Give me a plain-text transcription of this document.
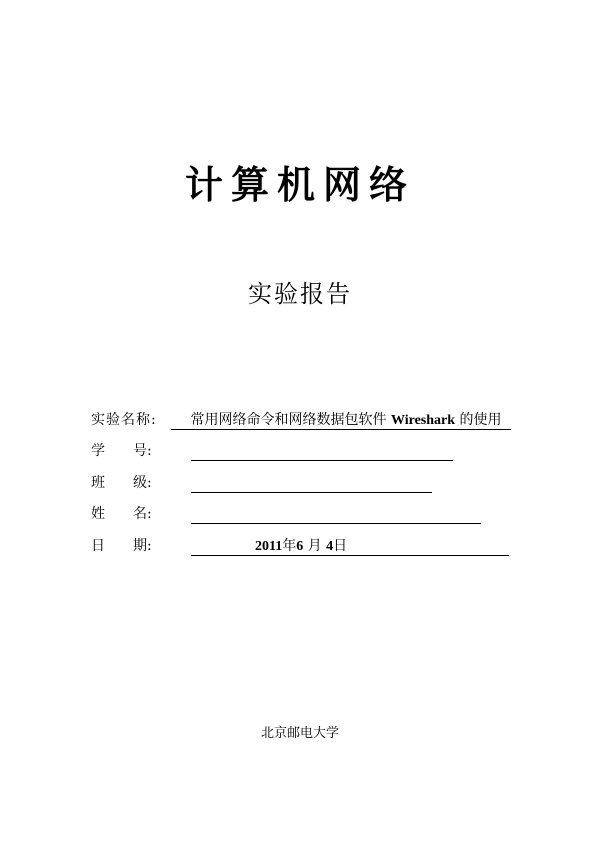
计算机网络
实验报告
实验名称:	常用网络命令和网络数据包软件 Wireshark 的使用
学 号:
班 级:
姓 名:
日 期:	2011年6 月 4日
北京邮电大学
